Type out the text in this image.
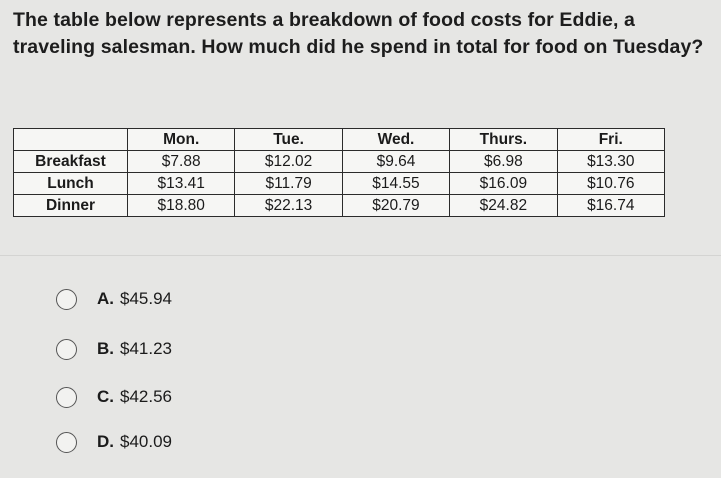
The table below represents a breakdown of food costs for Eddie, a traveling salesman. How much did he spend in total for food on Tuesday?
	Mon.	Tue.	Wed.	Thurs.	Fri.
Breakfast	$7.88	$12.02	$9.64	$6.98	$13.30
Lunch	$13.41	$11.79	$14.55	$16.09	$10.76
Dinner	$18.80	$22.13	$20.79	$24.82	$16.74
A. $45.94
B. $41.23
C. $42.56
D. $40.09
